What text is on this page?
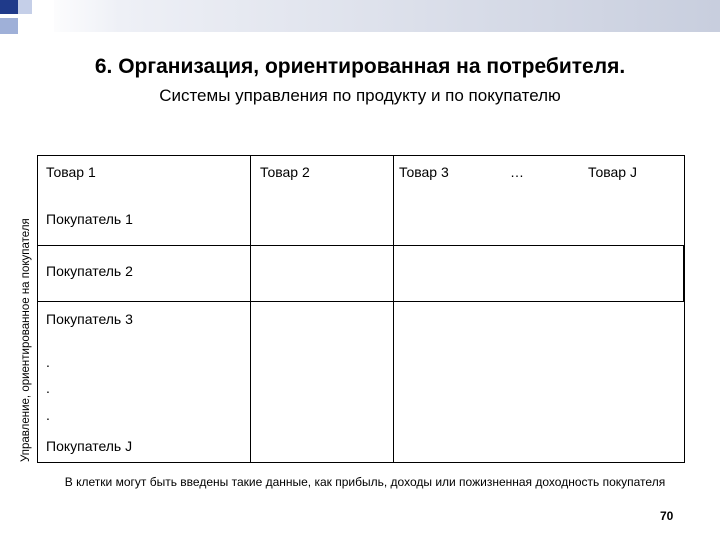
6. Организация, ориентированная на потребителя.
Системы управления по продукту и по покупателю
Управление, ориентированное на покупателя
Товар 1	Товар 2	Товар 3	…	Товар J
Покупатель 1
Покупатель 2
Покупатель 3
.
.
.
Покупатель J
В клетки могут быть введены такие данные, как прибыль, доходы или пожизненная доходность покупателя
70
